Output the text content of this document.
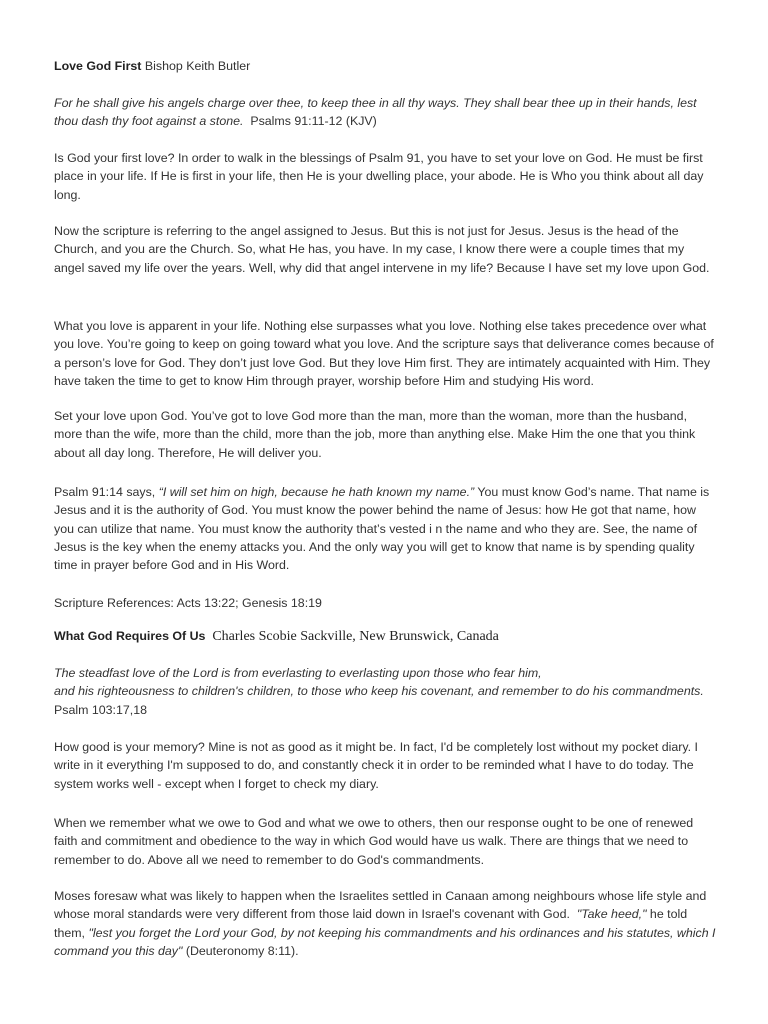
Love God First Bishop Keith Butler

For he shall give his angels charge over thee, to keep thee in all thy ways. They shall bear thee up in their hands, lest thou dash thy foot against a stone. Psalms 91:11-12 (KJV)

Is God your first love? In order to walk in the blessings of Psalm 91, you have to set your love on God. He must be first place in your life. If He is first in your life, then He is your dwelling place, your abode. He is Who you think about all day long.

Now the scripture is referring to the angel assigned to Jesus. But this is not just for Jesus. Jesus is the head of the Church, and you are the Church. So, what He has, you have. In my case, I know there were a couple times that my angel saved my life over the years. Well, why did that angel intervene in my life? Because I have set my love upon God.

What you love is apparent in your life. Nothing else surpasses what you love. Nothing else takes precedence over what you love. You’re going to keep on going toward what you love. And the scripture says that deliverance comes because of a person’s love for God. They don’t just love God. But they love Him first. They are intimately acquainted with Him. They have taken the time to get to know Him through prayer, worship before Him and studying His word.

Set your love upon God. You’ve got to love God more than the man, more than the woman, more than the husband, more than the wife, more than the child, more than the job, more than anything else. Make Him the one that you think about all day long. Therefore, He will deliver you.

Psalm 91:14 says, “I will set him on high, because he hath known my name.” You must know God’s name. That name is Jesus and it is the authority of God. You must know the power behind the name of Jesus: how He got that name, how you can utilize that name. You must know the authority that’s vested i n the name and who they are. See, the name of Jesus is the key when the enemy attacks you. And the only way you will get to know that name is by spending quality time in prayer before God and in His Word.

Scripture References: Acts 13:22; Genesis 18:19

What God Requires Of Us Charles Scobie Sackville, New Brunswick, Canada

The steadfast love of the Lord is from everlasting to everlasting upon those who fear him,
and his righteousness to children's children, to those who keep his covenant, and remember to do his commandments.
Psalm 103:17,18

How good is your memory? Mine is not as good as it might be. In fact, I'd be completely lost without my pocket diary. I write in it everything I'm supposed to do, and constantly check it in order to be reminded what I have to do today. The system works well - except when I forget to check my diary.

When we remember what we owe to God and what we owe to others, then our response ought to be one of renewed faith and commitment and obedience to the way in which God would have us walk. There are things that we need to remember to do. Above all we need to remember to do God's commandments.

Moses foresaw what was likely to happen when the Israelites settled in Canaan among neighbours whose life style and whose moral standards were very different from those laid down in Israel's covenant with God. "Take heed," he told them, "lest you forget the Lord your God, by not keeping his commandments and his ordinances and his statutes, which I command you this day" (Deuteronomy 8:11).
